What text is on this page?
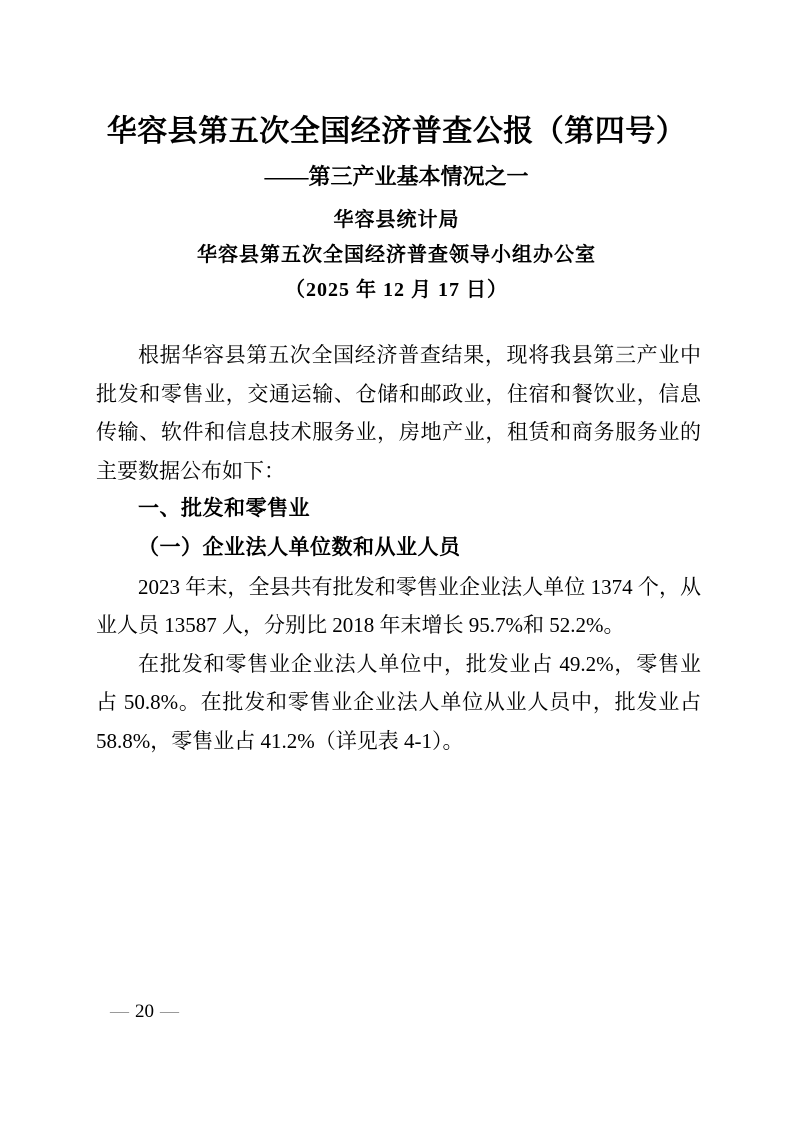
华容县第五次全国经济普查公报（第四号）
——第三产业基本情况之一
华容县统计局
华容县第五次全国经济普查领导小组办公室
（2025 年 12 月 17 日）

根据华容县第五次全国经济普查结果，现将我县第三产业中批发和零售业，交通运输、仓储和邮政业，住宿和餐饮业，信息传输、软件和信息技术服务业，房地产业，租赁和商务服务业的主要数据公布如下：

一、批发和零售业

（一）企业法人单位数和从业人员

2023 年末，全县共有批发和零售业企业法人单位 1374 个，从业人员 13587 人，分别比 2018 年末增长 95.7%和 52.2%。

在批发和零售业企业法人单位中，批发业占 49.2%，零售业占 50.8%。在批发和零售业企业法人单位从业人员中，批发业占 58.8%，零售业占 41.2%（详见表 4-1）。

— 20 —
